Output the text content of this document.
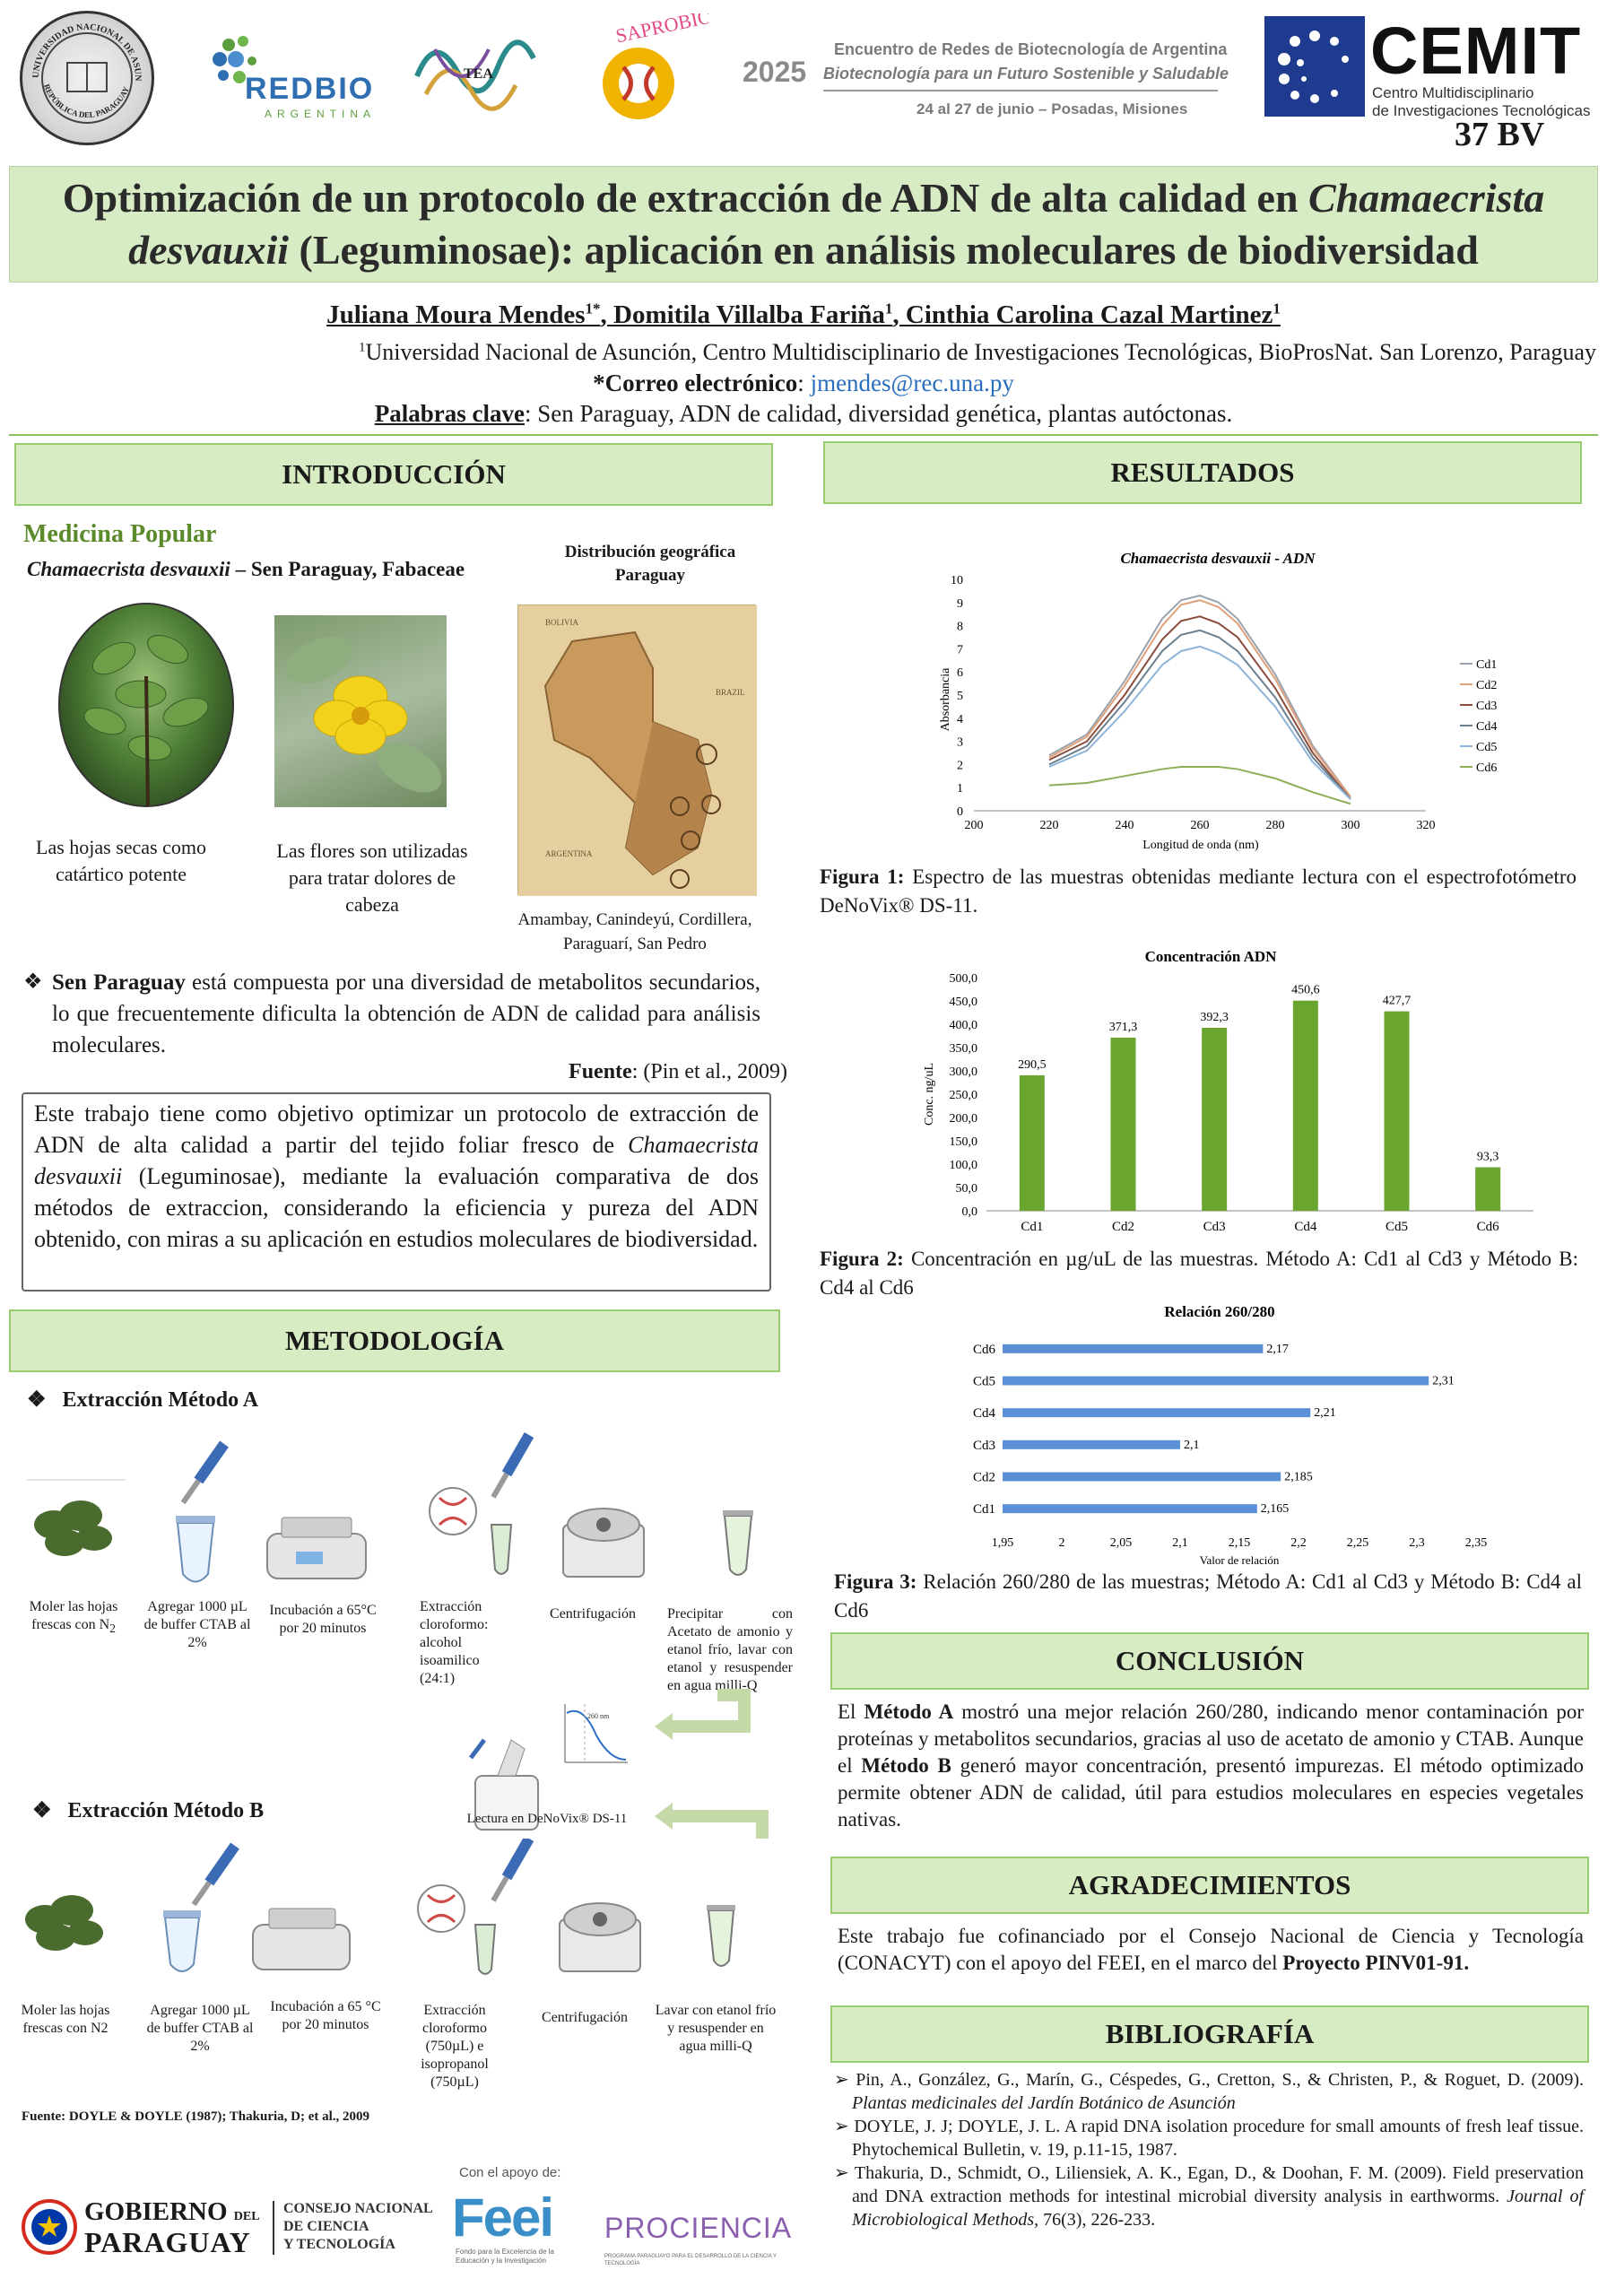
UNIVERSIDAD NACIONAL DE ASUN
REPÚBLICA DEL PARAGUAY	REDBIO
ARGENTINA
TEA
SAPROBIO
2025
Encuentro de Redes de Biotecnología de Argentina
Biotecnología para un Futuro Sostenible y Saludable
24 al 27 de junio – Posadas, Misiones
CEMIT
Centro Multidisciplinario
de Investigaciones Tecnológicas
37 BV
Optimización de un protocolo de extracción de ADN de alta calidad en Chamaecrista
desvauxii (Leguminosae): aplicación en análisis moleculares de biodiversidad
Juliana Moura Mendes$^{1*}$, Domitila Villalba Fariña$^1$, Cinthia Carolina Cazal Martinez$^1$
$^1$Universidad Nacional de Asunción, Centro Multidisciplinario de Investigaciones Tecnológicas, BioProsNat. San Lorenzo, Paraguay
*Correo electrónico: jmendes@rec.una.py
Palabras clave: Sen Paraguay, ADN de calidad, diversidad genética, plantas autóctonas.
INTRODUCCIÓN
Medicina Popular
Chamaecrista desvauxii – Sen Paraguay, Fabaceae
Las hojas secas como catártico potente
Las flores son utilizadas para tratar dolores de cabeza
Distribución geográfica Paraguay
BOLIVIA
BRAZIL
ARGENTINA
Amambay, Canindeyú, Cordillera, Paraguarí, San Pedro
❖ Sen Paraguay está compuesta por una diversidad de metabolitos secundarios, lo que frecuentemente dificulta la obtención de ADN de calidad para análisis moleculares.
Fuente: (Pin et al., 2009)
Este trabajo tiene como objetivo optimizar un protocolo de extracción de ADN de alta calidad a partir del tejido foliar fresco de Chamaecrista desvauxii (Leguminosae), mediante la evaluación comparativa de dos métodos de extraccion, considerando la eficiencia y pureza del ADN obtenido, con miras a su aplicación en estudios moleculares de biodiversidad.
METODOLOGÍA
❖ Extracción Método A
Moler las hojas frescas con $N_2$
Agregar 1000 µL de buffer CTAB al 2%
Incubación a 65°C por 20 minutos
Extracción cloroformo: alcohol isoamilico (24:1)
Centrifugación	Precipitar con Acetato de amonio y etanol frío, lavar con etanol y resuspender en agua milli-Q
260 nm
Lectura en DeNoVix® DS-11
❖ Extracción Método B
Moler las hojas frescas con N2
Agregar 1000 µL de buffer CTAB al 2%
Incubación a 65 °C por 20 minutos
Extracción cloroformo (750µL) e isopropanol (750µL)
Centrifugación	Lavar con etanol frío y resuspender en agua milli-Q
Fuente: DOYLE & DOYLE (1987); Thakuria, D; et al., 2009
GOBIERNO DEL
PARAGUAY
CONSEJO NACIONAL
DE CIENCIA
Y TECNOLOGÍA
Con el apoyo de:
Feei
Fondo para la Excelencia de la Educación y la Investigación
PROCIENCIA
PROGRAMA PARAGUAYO PARA EL DESARROLLO DE LA CIENCIA Y TECNOLOGÍA
RESULTADOS
Chamaecrista desvauxii - ADN
200	220	240	260	280	300	320
0
1
2
3
4
5
6
7
8
9
10
Cd1
Cd2
Cd3
Cd4
Cd5
Cd6
Longitud de onda (nm)
Absorbancia
Figura 1: Espectro de las muestras obtenidas mediante lectura con el espectrofotómetro DeNoVix® DS-11.
Concentración ADN
0,0
50,0
100,0
150,0
200,0
250,0
300,0
350,0
400,0
450,0
500,0
290,5
Cd1
371,3
Cd2
392,3
Cd3
450,6
Cd4
427,7
Cd5
93,3
Cd6
Conc. ng/uL
Figura 2: Concentración en µg/uL de las muestras. Método A: Cd1 al Cd3 y Método B: Cd4 al Cd6
Relación 260/280
1,95	2	2,05	2,1	2,15	2,2	2,25	2,3	2,35
2,165
Cd1
2,185
Cd2
2,1
Cd3
2,21
Cd4
2,31
Cd5
2,17
Cd6
Valor de relación
Figura 3: Relación 260/280 de las muestras; Método A: Cd1 al Cd3 y Método B: Cd4 al Cd6
CONCLUSIÓN
El Método A mostró una mejor relación 260/280, indicando menor contaminación por proteínas y metabolitos secundarios, gracias al uso de acetato de amonio y CTAB. Aunque el Método B generó mayor concentración, presentó impurezas. El método optimizado permite obtener ADN de calidad, útil para estudios moleculares en especies vegetales nativas.
AGRADECIMIENTOS
Este trabajo fue cofinanciado por el Consejo Nacional de Ciencia y Tecnología (CONACYT) con el apoyo del FEEI, en el marco del Proyecto PINV01-91.
BIBLIOGRAFÍA
➢ Pin, A., González, G., Marín, G., Céspedes, G., Cretton, S., & Christen, P., & Roguet, D. (2009). Plantas medicinales del Jardín Botánico de Asunción
➢ DOYLE, J. J; DOYLE, J. L. A rapid DNA isolation procedure for small amounts of fresh leaf tissue. Phytochemical Bulletin, v. 19, p.11-15, 1987.
➢ Thakuria, D., Schmidt, O., Liliensiek, A. K., Egan, D., & Doohan, F. M. (2009). Field preservation and DNA extraction methods for intestinal microbial diversity analysis in earthworms. Journal of Microbiological Methods, 76(3), 226-233.
